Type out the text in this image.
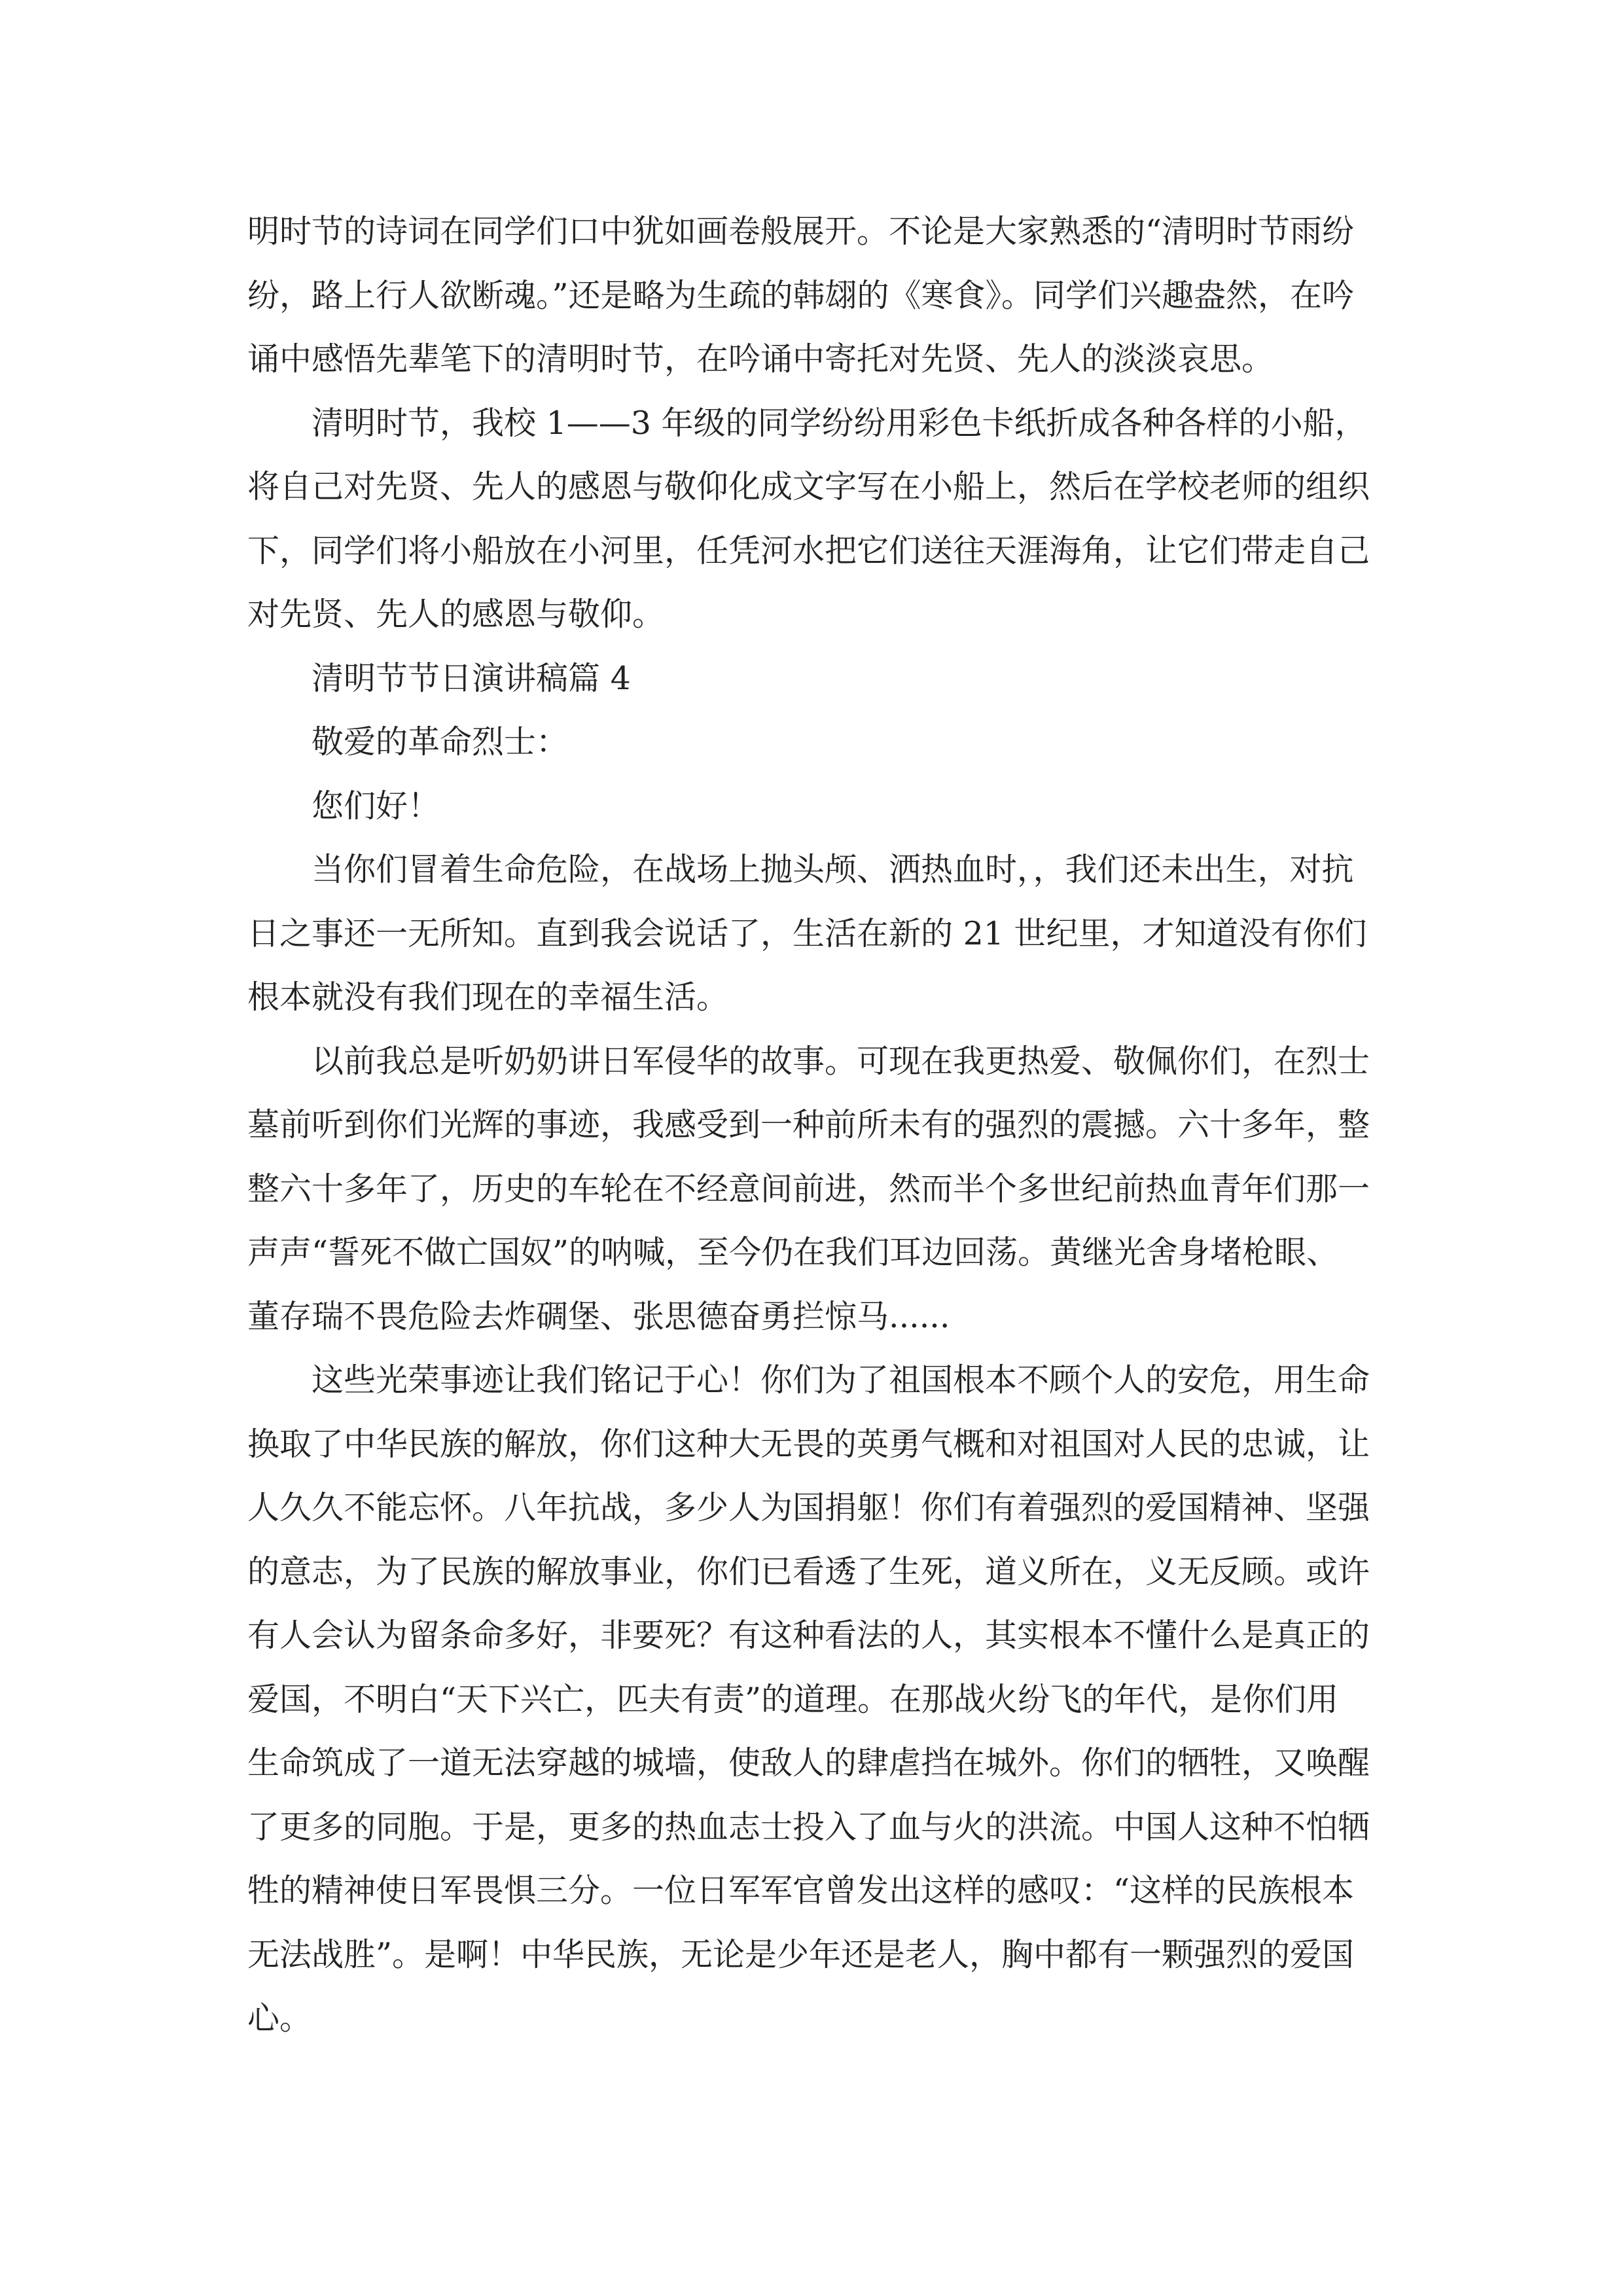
明时节的诗词在同学们口中犹如画卷般展开。不论是大家熟悉的“清明时节雨纷
纷，路上行人欲断魂。”还是略为生疏的韩翃的《寒食》。同学们兴趣盎然，在吟
诵中感悟先辈笔下的清明时节，在吟诵中寄托对先贤、先人的淡淡哀思。
清明时节，我校 1——3 年级的同学纷纷用彩色卡纸折成各种各样的小船，
将自己对先贤、先人的感恩与敬仰化成文字写在小船上，然后在学校老师的组织
下，同学们将小船放在小河里，任凭河水把它们送往天涯海角，让它们带走自己
对先贤、先人的感恩与敬仰。
清明节节日演讲稿篇 4
敬爱的革命烈士：
您们好！
当你们冒着生命危险，在战场上抛头颅、洒热血时，，我们还未出生，对抗
日之事还一无所知。直到我会说话了，生活在新的 21 世纪里，才知道没有你们
根本就没有我们现在的幸福生活。
以前我总是听奶奶讲日军侵华的故事。可现在我更热爱、敬佩你们，在烈士
墓前听到你们光辉的事迹，我感受到一种前所未有的强烈的震撼。六十多年，整
整六十多年了，历史的车轮在不经意间前进，然而半个多世纪前热血青年们那一
声声“誓死不做亡国奴”的呐喊，至今仍在我们耳边回荡。黄继光舍身堵枪眼、
董存瑞不畏危险去炸碉堡、张思德奋勇拦惊马......
这些光荣事迹让我们铭记于心！你们为了祖国根本不顾个人的安危，用生命
换取了中华民族的解放，你们这种大无畏的英勇气概和对祖国对人民的忠诚，让
人久久不能忘怀。八年抗战，多少人为国捐躯！你们有着强烈的爱国精神、坚强
的意志，为了民族的解放事业，你们已看透了生死，道义所在，义无反顾。或许
有人会认为留条命多好，非要死？有这种看法的人，其实根本不懂什么是真正的
爱国，不明白“天下兴亡，匹夫有责”的道理。在那战火纷飞的年代，是你们用
生命筑成了一道无法穿越的城墙，使敌人的肆虐挡在城外。你们的牺牲，又唤醒
了更多的同胞。于是，更多的热血志士投入了血与火的洪流。中国人这种不怕牺
牲的精神使日军畏惧三分。一位日军军官曾发出这样的感叹：“这样的民族根本
无法战胜”。是啊！中华民族，无论是少年还是老人，胸中都有一颗强烈的爱国
心。
